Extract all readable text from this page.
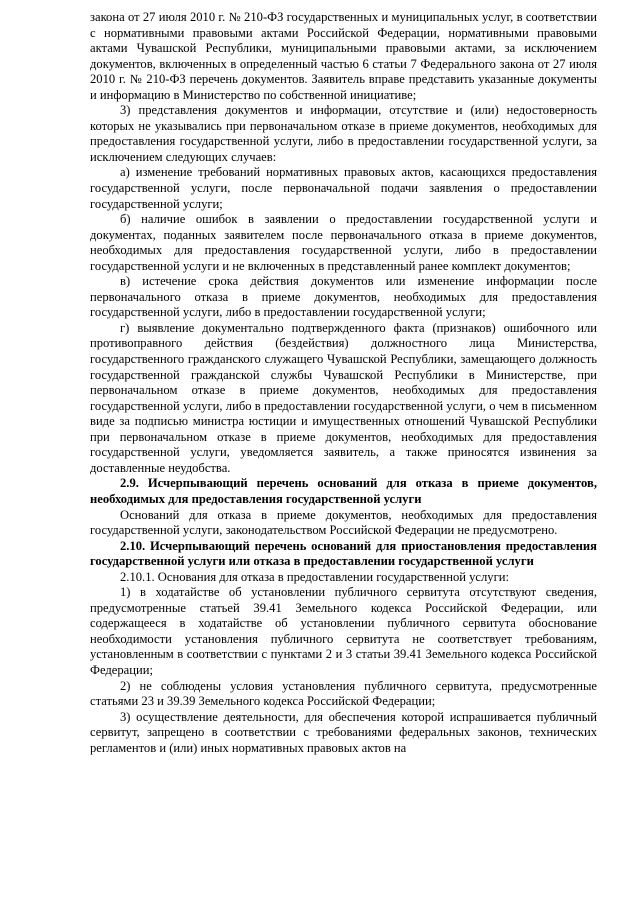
закона от 27 июля 2010 г. № 210-ФЗ государственных и муниципальных услуг, в соответствии с нормативными правовыми актами Российской Федерации, нормативными правовыми актами Чувашской Республики, муниципальными правовыми актами, за исключением документов, включенных в определенный частью 6 статьи 7 Федерального закона от 27 июля 2010 г. № 210-ФЗ перечень документов. Заявитель вправе представить указанные документы и информацию в Министерство по собственной инициативе;

3) представления документов и информации, отсутствие и (или) недостоверность которых не указывались при первоначальном отказе в приеме документов, необходимых для предоставления государственной услуги, либо в предоставлении государственной услуги, за исключением следующих случаев:

а) изменение требований нормативных правовых актов, касающихся предоставления государственной услуги, после первоначальной подачи заявления о предоставлении государственной услуги;

б) наличие ошибок в заявлении о предоставлении государственной услуги и документах, поданных заявителем после первоначального отказа в приеме документов, необходимых для предоставления государственной услуги, либо в предоставлении государственной услуги и не включенных в представленный ранее комплект документов;

в) истечение срока действия документов или изменение информации после первоначального отказа в приеме документов, необходимых для предоставления государственной услуги, либо в предоставлении государственной услуги;

г) выявление документально подтвержденного факта (признаков) ошибочного или противоправного действия (бездействия) должностного лица Министерства, государственного гражданского служащего Чувашской Республики, замещающего должность государственной гражданской службы Чувашской Республики в Министерстве, при первоначальном отказе в приеме документов, необходимых для предоставления государственной услуги, либо в предоставлении государственной услуги, о чем в письменном виде за подписью министра юстиции и имущественных отношений Чувашской Республики при первоначальном отказе в приеме документов, необходимых для предоставления государственной услуги, уведомляется заявитель, а также приносятся извинения за доставленные неудобства.

2.9. Исчерпывающий перечень оснований для отказа в приеме документов, необходимых для предоставления государственной услуги

Оснований для отказа в приеме документов, необходимых для предоставления государственной услуги, законодательством Российской Федерации не предусмотрено.

2.10. Исчерпывающий перечень оснований для приостановления предоставления государственной услуги или отказа в предоставлении государственной услуги

2.10.1. Основания для отказа в предоставлении государственной услуги:

1) в ходатайстве об установлении публичного сервитута отсутствуют сведения, предусмотренные статьей 39.41 Земельного кодекса Российской Федерации, или содержащееся в ходатайстве об установлении публичного сервитута обоснование необходимости установления публичного сервитута не соответствует требованиям, установленным в соответствии с пунктами 2 и 3 статьи 39.41 Земельного кодекса Российской Федерации;

2) не соблюдены условия установления публичного сервитута, предусмотренные статьями 23 и 39.39 Земельного кодекса Российской Федерации;

3) осуществление деятельности, для обеспечения которой испрашивается публичный сервитут, запрещено в соответствии с требованиями федеральных законов, технических регламентов и (или) иных нормативных правовых актов на
